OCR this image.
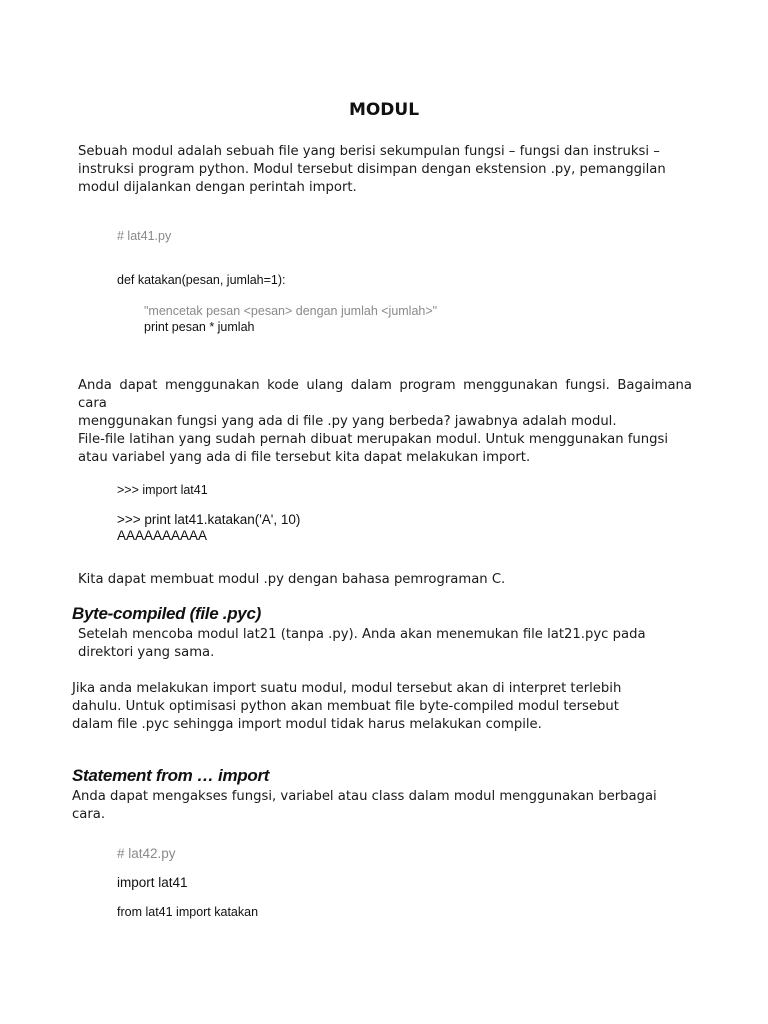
MODUL
Sebuah modul adalah sebuah file yang berisi sekumpulan fungsi – fungsi dan instruksi –
instruksi program python. Modul tersebut disimpan dengan ekstension .py, pemanggilan
modul dijalankan dengan perintah import.
# lat41.py
def katakan(pesan, jumlah=1):
"mencetak pesan <pesan> dengan jumlah <jumlah>"
print pesan * jumlah
Anda dapat menggunakan kode ulang dalam program menggunakan fungsi. Bagaimana cara
menggunakan fungsi yang ada di file .py yang berbeda? jawabnya adalah modul.
File-file latihan yang sudah pernah dibuat merupakan modul. Untuk menggunakan fungsi
atau variabel yang ada di file tersebut kita dapat melakukan import.
>>> import lat41
>>> print lat41.katakan('A', 10)
AAAAAAAAAA
Kita dapat membuat modul .py dengan bahasa pemrograman C.
Byte-compiled (file .pyc)
Setelah mencoba modul lat21 (tanpa .py). Anda akan menemukan file lat21.pyc pada
direktori yang sama.
Jika anda melakukan import suatu modul, modul tersebut akan di interpret terlebih
dahulu. Untuk optimisasi python akan membuat file byte-compiled modul tersebut
dalam file .pyc sehingga import modul tidak harus melakukan compile.
Statement from … import
Anda dapat mengakses fungsi, variabel atau class dalam modul menggunakan berbagai
cara.
# lat42.py
import lat41
from lat41 import katakan
